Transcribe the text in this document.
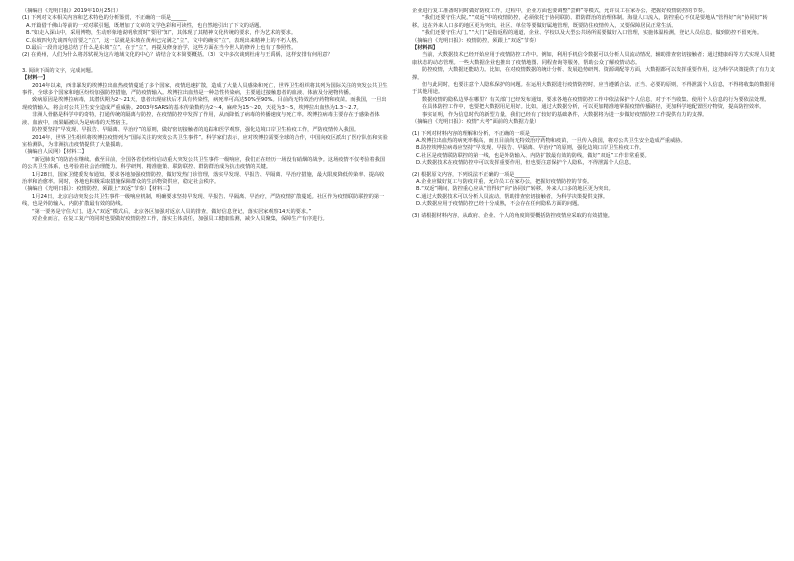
（摘编自《光明日报》2019年10月25日）

(1) 下列对文本相关内容和艺术特色的分析鉴赏，不正确的一项是______

A.开篇借千佛山等前的一对对联引题，既增加了文章的文学色彩和可读性，也自然地引出了下文的话题。

B.“如走入深山中，采用博物，生动形象地说明欣赏时”要用“知”，其体现了其精神文化传统的要求，作为艺术的要求。

C.东坡四句先谈四句首要之“立”，这一层就是东坡在黄州已完满之“立”，文中的确实“立”，表现出来精神上的不朽人格。

D.最后一段肯定地总结了什么是东坡“立”，在于“立”，再提及修身治学，这些方面在当今世人的修养上也有了参照性。

(2) 在黄州，人们为什么将苏轼视为这片地域文化的中心？请结合文本简要概括。（3）文中多次谈到杜甫与王禹偁，这样安排有何用意？

3. 阅读下面的文字，完成问题。

【材料一】

2014年以来，西非暴发的埃博拉出血热疫情蔓延了多个国家，疫情迅速扩散，造成了大量人员感染和死亡，世界卫生组织将其列为国际关注的突发公共卫生事件，全球多个国家和地区纷纷加强防控措施，严防疫情输入。埃博拉出血热是一种急性传染病，主要通过接触患者的血液、体液及分泌物传播。

致病原因是埃博拉病毒，其潜伏期为2～21天，患者出现症状后才具有传染性，病死率可高达50%至90%。目前尚无特效治疗药物和疫苗。而我国，一旦出现疫情输入，将会对公共卫生安全造成严重威胁。2003年SARS的基本传染数约为2～4，麻疹为15～20，天花为3～5，埃博拉出血热为1.3～2.7。

非洲人骨骼是科学中的奇特，打通传统的隔离与防控，在疫情防控中发挥了作用，从而降低了病毒的传播速度与死亡率。埃博拉病毒主要存在于感染者体液、血液中，而果蝠被认为是病毒的天然宿主。

防控要坚持“早发现、早报告、早隔离、早治疗”的原则，做好密切接触者的追踪和医学观察，强化边境口岸卫生检疫工作，严防疫情传入我国。

2014年，世界卫生组织将埃博拉疫情列为“国际关注的突发公共卫生事件”。科学家们表示，应对埃博拉需要全球的合作，中国向疫区派出了医疗队伍和实验室检测队，为非洲抗击疫情提供了大量援助。

（摘编自人民网）【材料二】

“新冠肺炎”的防治在继续。截至目前，全国各省份纷纷启动重大突发公共卫生事件一级响应，我们正在经历一场没有硝烟的战争。这场疫情不仅考验着我国的公共卫生体系，也考验着社会治理能力。科学研判、精准施策、联防联控、群防群治成为抗击疫情的关键。

1月28日，国家卫健委发布通知，要求各地加强疫情防控，做好发热门诊管理，落实早发现、早报告、早隔离、早治疗措施，最大限度降低传染率、提高收治率和治愈率。同时，各地也积极采取措施保障群众的生活物资供应，稳定社会秩序。

（摘编自《光明日报》：疫情防控，须跟上“双返”节奏）【材料三】

1月24日，北京启动突发公共卫生事件一级响应机制，明确要求坚持早发现、早报告、早隔离、早治疗，严防疫情扩散蔓延。社区作为疫情联防联控的第一线，也是外防输入、内防扩散最有效的防线。

“第一要务是守住大门。进入“双返”模式后，北京各区加强对返京人员的排查，做好信息登记，落实居家观察14天的要求。”

对企业而言，在复工复产的同时也要做好疫情防控工作，落实主体责任，加强员工健康监测，减少人员聚集，保障生产有序进行。

企业进行复工准备时同时做好防疫工作，过程中，企业方面也要调整“尝鲜”等模式，允许员工在家办公，把握好疫情防控的节奏。

“我们还要守住大院。”“双返”中的疫情防控，必须依托于协同联防、群防群治的治理体制。海量人口流入，防控重心不仅是要地从“管得好”向“协同好”转移。这在外来人口多的地区更为突出，社区、单位等要做好属地管理，既要防住疫情传入，又要保障居民正常生活。

“我们还要守住大门。”“大门”是指返程的通道，企业、学校以及大型公共场所需要做好入口管理，实施体温检测，登记人员信息，做到防控不留死角。

（摘编自《光明日报》：疫情防控，须跟上“双返”节奏）

【材料四】

当前，大数据技术已经开始应用于疫情防控工作中。例如，利用手机信令数据可以分析人员流动情况，辅助排查密切接触者；通过健康码等方式实现人员健康状态的动态管理。一些大数据企业也推出了疫情地图、同程查询等服务，帮助公众了解疫情动态。

防控疫情，大数据还能助力。比如，在对疫情数据的统计分析、发展趋势研判、资源调配等方面，大数据都可以发挥重要作用，这为科学决策提供了有力支撑。

但与此同时，也要注意个人隐私保护的问题。在运用大数据进行疫情防控时，应当遵循合法、正当、必要的原则，不得泄露个人信息，不得将收集的数据用于其他用途。

数据疫情的隐私边界在哪里？有关部门已经发布通知，要求各地在疫情防控工作中依法保护个人信息，对于不当收集、使用个人信息的行为要依法处理。

在具体防控工作中，也要把大数据用足用好。比如，通过大数据分析，可以更加精准地掌握疫情传播路径，更加科学地配置医疗物资，提高防控效率。

事实证明，作为信息时代的新型力量，我们已经有了较好的基础条件，大数据将为进一步做好疫情防控工作提供有力的支撑。

（摘编自《光明日报》：疫情“大考”面前的大数据力量）

(1) 下列对材料内容的理解和分析，不正确的一项是______

A.埃博拉出血热的病死率极高，而且目前尚无特效治疗药物和疫苗，一旦传入我国，将对公共卫生安全造成严重威胁。

B.防控埃博拉病毒应坚持“早发现、早报告、早隔离、早治疗”的原则，强化边境口岸卫生检疫工作。

C.社区是疫情联防联控的第一线，也是外防输入、内防扩散最有效的防线，做好“双返”工作非常重要。

D.大数据技术在疫情防控中可以发挥重要作用，但也要注意保护个人隐私，不得泄露个人信息。

(2) 根据原文内容，下列说法不正确的一项是______

A.企业应做好复工与防疫并重，允许员工在家办公，把握好疫情防控的节奏。

B.“双返”期间，防控重心应从“管得好”向“协同好”转移，外来人口多的地区更为突出。

C.通过大数据技术可以分析人员流动，帮助排查密切接触者，为科学决策提供支撑。

D.大数据应用于疫情防控已经十分成熟，不会存在任何隐私方面的问题。

(3) 请根据材料内容，从政府、企业、个人的角度简要概括防控疫情应采取的有效措施。
